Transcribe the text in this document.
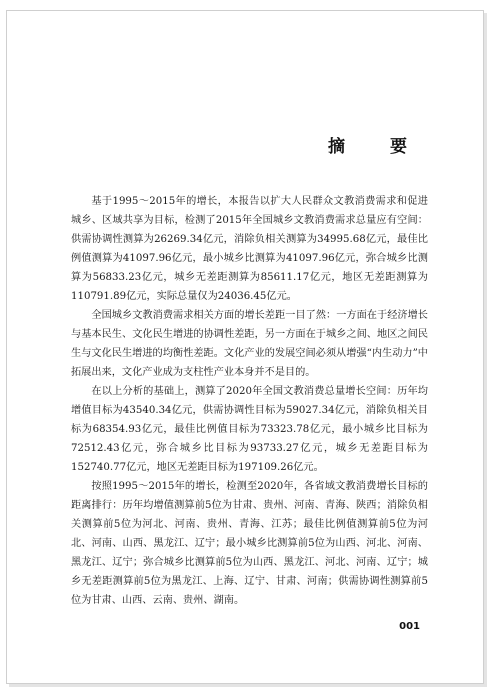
摘　要

基于1995～2015年的增长，本报告以扩大人民群众文教消费需求和促进城乡、区域共享为目标，检测了2015年全国城乡文教消费需求总量应有空间：供需协调性测算为26269.34亿元，消除负相关测算为34995.68亿元，最佳比例值测算为41097.96亿元，最小城乡比测算为41097.96亿元，弥合城乡比测算为56833.23亿元，城乡无差距测算为85611.17亿元，地区无差距测算为110791.89亿元，实际总量仅为24036.45亿元。

全国城乡文教消费需求相关方面的增长差距一目了然：一方面在于经济增长与基本民生、文化民生增进的协调性差距，另一方面在于城乡之间、地区之间民生与文化民生增进的均衡性差距。文化产业的发展空间必须从增强“内生动力”中拓展出来，文化产业成为支柱性产业本身并不是目的。

在以上分析的基础上，测算了2020年全国文教消费总量增长空间：历年均增值目标为43540.34亿元，供需协调性目标为59027.34亿元，消除负相关目标为68354.93亿元，最佳比例值目标为73323.78亿元，最小城乡比目标为72512.43亿元，弥合城乡比目标为93733.27亿元，城乡无差距目标为152740.77亿元，地区无差距目标为197109.26亿元。

按照1995～2015年的增长，检测至2020年，各省域文教消费增长目标的距离排行：历年均增值测算前5位为甘肃、贵州、河南、青海、陕西；消除负相关测算前5位为河北、河南、贵州、青海、江苏；最佳比例值测算前5位为河北、河南、山西、黑龙江、辽宁；最小城乡比测算前5位为山西、河北、河南、黑龙江、辽宁；弥合城乡比测算前5位为山西、黑龙江、河北、河南、辽宁；城乡无差距测算前5位为黑龙江、上海、辽宁、甘肃、河南；供需协调性测算前5位为甘肃、山西、云南、贵州、湖南。

001
